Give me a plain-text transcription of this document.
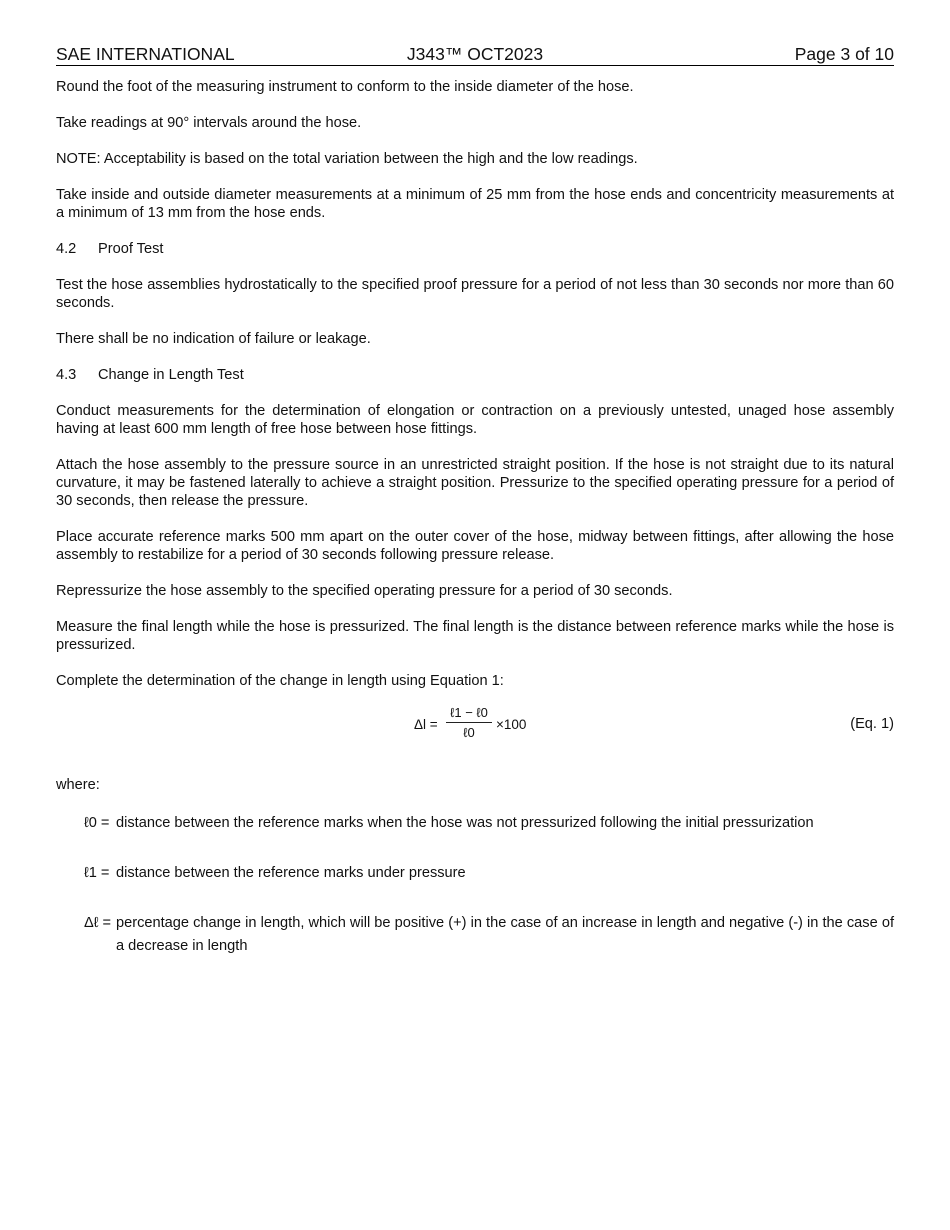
SAE INTERNATIONAL	J343™ OCT2023	Page 3 of 10

Round the foot of the measuring instrument to conform to the inside diameter of the hose.

Take readings at 90° intervals around the hose.

NOTE: Acceptability is based on the total variation between the high and the low readings.

Take inside and outside diameter measurements at a minimum of 25 mm from the hose ends and concentricity measurements at a minimum of 13 mm from the hose ends.

4.2 Proof Test

Test the hose assemblies hydrostatically to the specified proof pressure for a period of not less than 30 seconds nor more than 60 seconds.

There shall be no indication of failure or leakage.

4.3 Change in Length Test

Conduct measurements for the determination of elongation or contraction on a previously untested, unaged hose assembly having at least 600 mm length of free hose between hose fittings.

Attach the hose assembly to the pressure source in an unrestricted straight position. If the hose is not straight due to its natural curvature, it may be fastened laterally to achieve a straight position. Pressurize to the specified operating pressure for a period of 30 seconds, then release the pressure.

Place accurate reference marks 500 mm apart on the outer cover of the hose, midway between fittings, after allowing the hose assembly to restabilize for a period of 30 seconds following pressure release.

Repressurize the hose assembly to the specified operating pressure for a period of 30 seconds.

Measure the final length while the hose is pressurized. The final length is the distance between reference marks while the hose is pressurized.

Complete the determination of the change in length using Equation 1:

Δl =
ℓ1 − ℓ0
ℓ0
×100	(Eq. 1)

where:

ℓ0 = distance between the reference marks when the hose was not pressurized following the initial pressurization
ℓ1 = distance between the reference marks under pressure
Δℓ = percentage change in length, which will be positive (+) in the case of an increase in length and negative (-) in the case of a decrease in length
